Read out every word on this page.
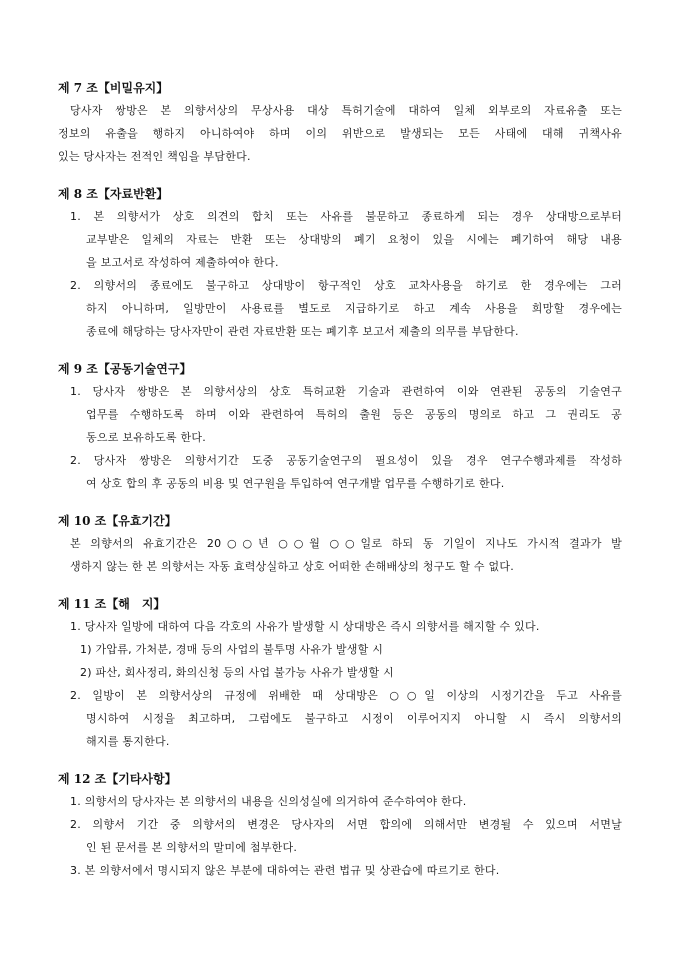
제 7 조【비밀유지】
당사자 쌍방은 본 의향서상의 무상사용 대상 특허기술에 대하여 일체 외부로의 자료유출 또는
정보의 유출을 행하지 아니하여야 하며 이의 위반으로 발생되는 모든 사태에 대해 귀책사유
있는 당사자는 전적인 책임을 부담한다.
제 8 조【자료반환】
1. 본 의향서가 상호 의견의 합치 또는 사유를 불문하고 종료하게 되는 경우 상대방으로부터
교부받은 일체의 자료는 반환 또는 상대방의 폐기 요청이 있을 시에는 폐기하여 해당 내용
을 보고서로 작성하여 제출하여야 한다.
2. 의향서의 종료에도 불구하고 상대방이 항구적인 상호 교차사용을 하기로 한 경우에는 그러
하지 아니하며, 일방만이 사용료를 별도로 지급하기로 하고 계속 사용을 희망할 경우에는
종료에 해당하는 당사자만이 관련 자료반환 또는 폐기후 보고서 제출의 의무를 부담한다.
제 9 조【공동기술연구】
1. 당사자 쌍방은 본 의향서상의 상호 특허교환 기술과 관련하여 이와 연관된 공동의 기술연구
업무를 수행하도록 하며 이와 관련하여 특허의 출원 등은 공동의 명의로 하고 그 권리도 공
동으로 보유하도록 한다.
2. 당사자 쌍방은 의향서기간 도중 공동기술연구의 필요성이 있을 경우 연구수행과제를 작성하
여 상호 합의 후 공동의 비용 및 연구원을 투입하여 연구개발 업무를 수행하기로 한다.
제 10 조【유효기간】
본 의향서의 유효기간은 20○○년 ○○월 ○○일로 하되 동 기일이 지나도 가시적 결과가 발
생하지 않는 한 본 의향서는 자동 효력상실하고 상호 어떠한 손해배상의 청구도 할 수 없다.
제 11 조【해　지】
1. 당사자 일방에 대하여 다음 각호의 사유가 발생할 시 상대방은 즉시 의향서를 해지할 수 있다.
1) 가압류, 가처분, 경매 등의 사업의 불투명 사유가 발생할 시
2) 파산, 회사정리, 화의신청 등의 사업 불가능 사유가 발생할 시
2. 일방이 본 의향서상의 규정에 위배한 때 상대방은 ○○일 이상의 시정기간을 두고 사유를
명시하여 시정을 최고하며, 그럼에도 불구하고 시정이 이루어지지 아니할 시 즉시 의향서의
해지를 통지한다.
제 12 조【기타사항】
1. 의향서의 당사자는 본 의향서의 내용을 신의성실에 의거하여 준수하여야 한다.
2. 의향서 기간 중 의향서의 변경은 당사자의 서면 합의에 의해서만 변경될 수 있으며 서면날
인 된 문서를 본 의향서의 말미에 첨부한다.
3. 본 의향서에서 명시되지 않은 부분에 대하여는 관련 법규 및 상관습에 따르기로 한다.
